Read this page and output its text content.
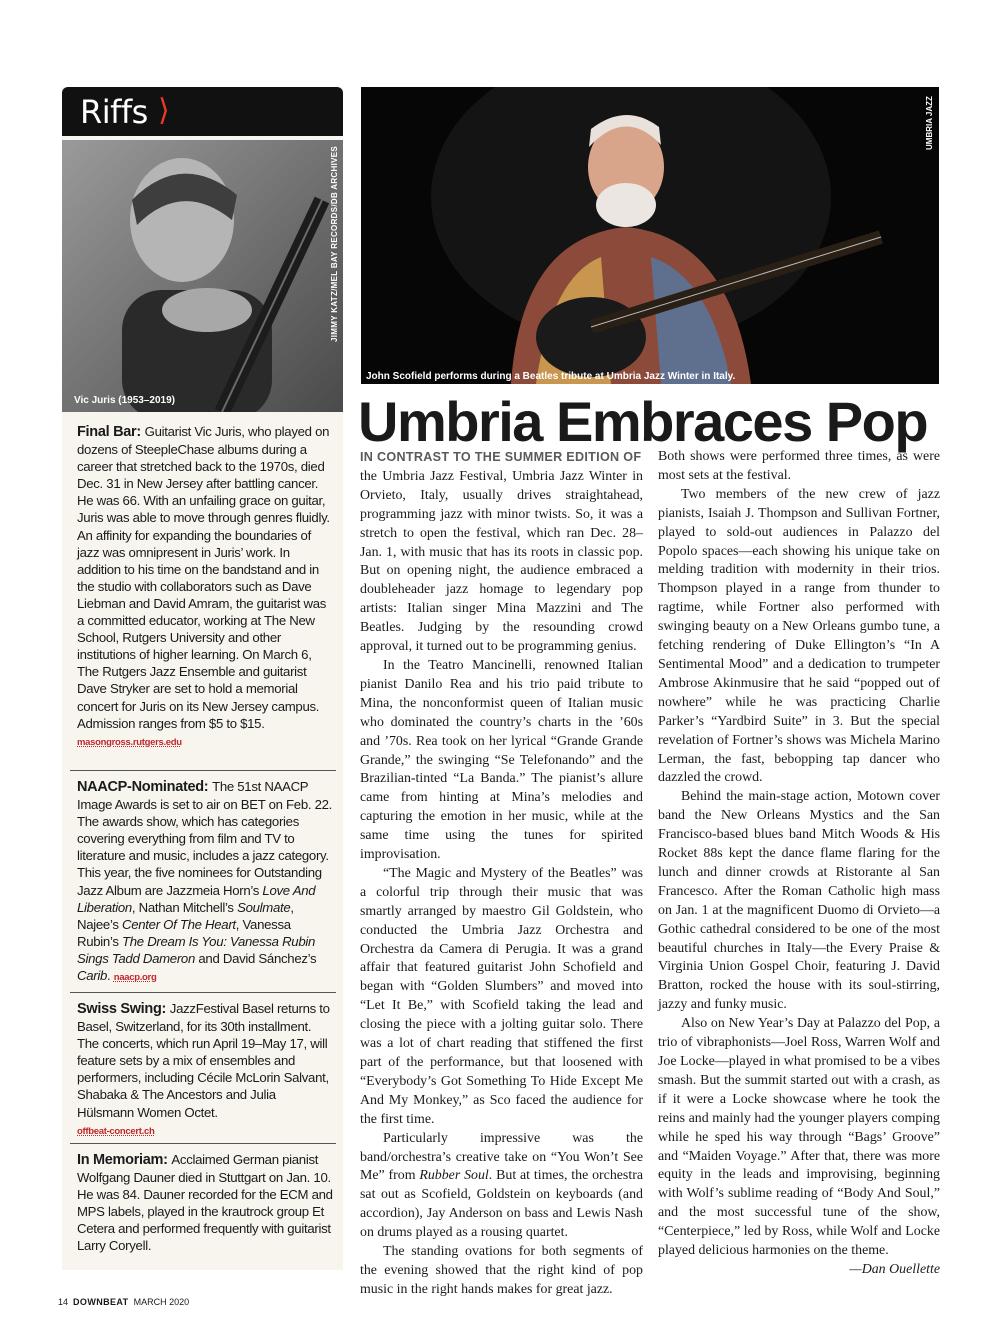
Riffs ⟩
JIMMY KATZ/MEL BAY RECORDS/DB ARCHIVES
Vic Juris (1953–2019)
UMBRIA JAZZ
John Scofield performs during a Beatles tribute at Umbria Jazz Winter in Italy.
Umbria Embraces Pop
Final Bar: Guitarist Vic Juris, who played on dozens of SteepleChase albums during a career that stretched back to the 1970s, died Dec. 31 in New Jersey after battling cancer. He was 66. With an unfailing grace on guitar, Juris was able to move through genres fluidly. An affinity for expanding the boundaries of jazz was omnipresent in Juris’ work. In addition to his time on the bandstand and in the studio with collaborators such as Dave Liebman and David Amram, the guitarist was a committed educator, working at The New School, Rutgers University and other institutions of higher learning. On March 6, The Rutgers Jazz Ensemble and guitarist Dave Stryker are set to hold a memorial concert for Juris on its New Jersey campus. Admission ranges from $5 to $15.
masongross.rutgers.edu
NAACP-Nominated: The 51st NAACP Image Awards is set to air on BET on Feb. 22. The awards show, which has categories covering everything from film and TV to literature and music, includes a jazz category. This year, the five nominees for Outstanding Jazz Album are Jazzmeia Horn’s Love And Liberation, Nathan Mitchell’s Soulmate, Najee’s Center Of The Heart, Vanessa Rubin’s The Dream Is You: Vanessa Rubin Sings Tadd Dameron and David Sánchez’s Carib. naacp.org
Swiss Swing: JazzFestival Basel returns to Basel, Switzerland, for its 30th installment. The concerts, which run April 19–May 17, will feature sets by a mix of ensembles and performers, including Cécile McLorin Salvant, Shabaka & The Ancestors and Julia Hülsmann Women Octet.
offbeat-concert.ch
In Memoriam: Acclaimed German pianist Wolfgang Dauner died in Stuttgart on Jan. 10. He was 84. Dauner recorded for the ECM and MPS labels, played in the krautrock group Et Cetera and performed frequently with guitarist Larry Coryell.

IN CONTRAST TO THE SUMMER EDITION OF
the Umbria Jazz Festival, Umbria Jazz Winter in Orvieto, Italy, usually drives straightahead, programming jazz with minor twists. So, it was a stretch to open the festival, which ran Dec. 28–Jan. 1, with music that has its roots in classic pop. But on opening night, the audience embraced a doubleheader jazz homage to legendary pop artists: Italian singer Mina Mazzini and The Beatles. Judging by the resounding crowd approval, it turned out to be programming genius.

In the Teatro Mancinelli, renowned Italian pianist Danilo Rea and his trio paid tribute to Mina, the nonconformist queen of Italian music who dominated the country’s charts in the ’60s and ’70s. Rea took on her lyrical “Grande Grande Grande,” the swinging “Se Telefonando” and the Brazilian-tinted “La Banda.” The pianist’s allure came from hinting at Mina’s melodies and capturing the emotion in her music, while at the same time using the tunes for spirited improvisation.

“The Magic and Mystery of the Beatles” was a colorful trip through their music that was smartly arranged by maestro Gil Goldstein, who conducted the Umbria Jazz Orchestra and Orchestra da Camera di Perugia. It was a grand affair that featured guitarist John Schofield and began with “Golden Slumbers” and moved into “Let It Be,” with Scofield taking the lead and closing the piece with a jolting guitar solo. There was a lot of chart reading that stiffened the first part of the performance, but that loosened with “Everybody’s Got Something To Hide Except Me And My Monkey,” as Sco faced the audience for the first time.

Particularly impressive was the band/orchestra’s creative take on “You Won’t See Me” from Rubber Soul. But at times, the orchestra sat out as Scofield, Goldstein on keyboards (and accordion), Jay Anderson on bass and Lewis Nash on drums played as a rousing quartet.

The standing ovations for both segments of the evening showed that the right kind of pop music in the right hands makes for great jazz.

Both shows were performed three times, as were most sets at the festival.

Two members of the new crew of jazz pianists, Isaiah J. Thompson and Sullivan Fortner, played to sold-out audiences in Palazzo del Popolo spaces—each showing his unique take on melding tradition with modernity in their trios. Thompson played in a range from thunder to ragtime, while Fortner also performed with swinging beauty on a New Orleans gumbo tune, a fetching rendering of Duke Ellington’s “In A Sentimental Mood” and a dedication to trumpeter Ambrose Akinmusire that he said “popped out of nowhere” while he was practicing Charlie Parker’s “Yardbird Suite” in 3. But the special revelation of Fortner’s shows was Michela Marino Lerman, the fast, bebopping tap dancer who dazzled the crowd.

Behind the main-stage action, Motown cover band the New Orleans Mystics and the San Francisco-based blues band Mitch Woods & His Rocket 88s kept the dance flame flaring for the lunch and dinner crowds at Ristorante al San Francesco. After the Roman Catholic high mass on Jan. 1 at the magnificent Duomo di Orvieto—a Gothic cathedral considered to be one of the most beautiful churches in Italy—the Every Praise & Virginia Union Gospel Choir, featuring J. David Bratton, rocked the house with its soul-stirring, jazzy and funky music.

Also on New Year’s Day at Palazzo del Pop, a trio of vibraphonists—Joel Ross, Warren Wolf and Joe Locke—played in what promised to be a vibes smash. But the summit started out with a crash, as if it were a Locke showcase where he took the reins and mainly had the younger players comping while he sped his way through “Bags’ Groove” and “Maiden Voyage.” After that, there was more equity in the leads and improvising, beginning with Wolf’s sublime reading of “Body And Soul,” and the most successful tune of the show, “Centerpiece,” led by Ross, while Wolf and Locke played delicious harmonies on the theme.

—Dan Ouellette

14 DOWNBEAT MARCH 2020
